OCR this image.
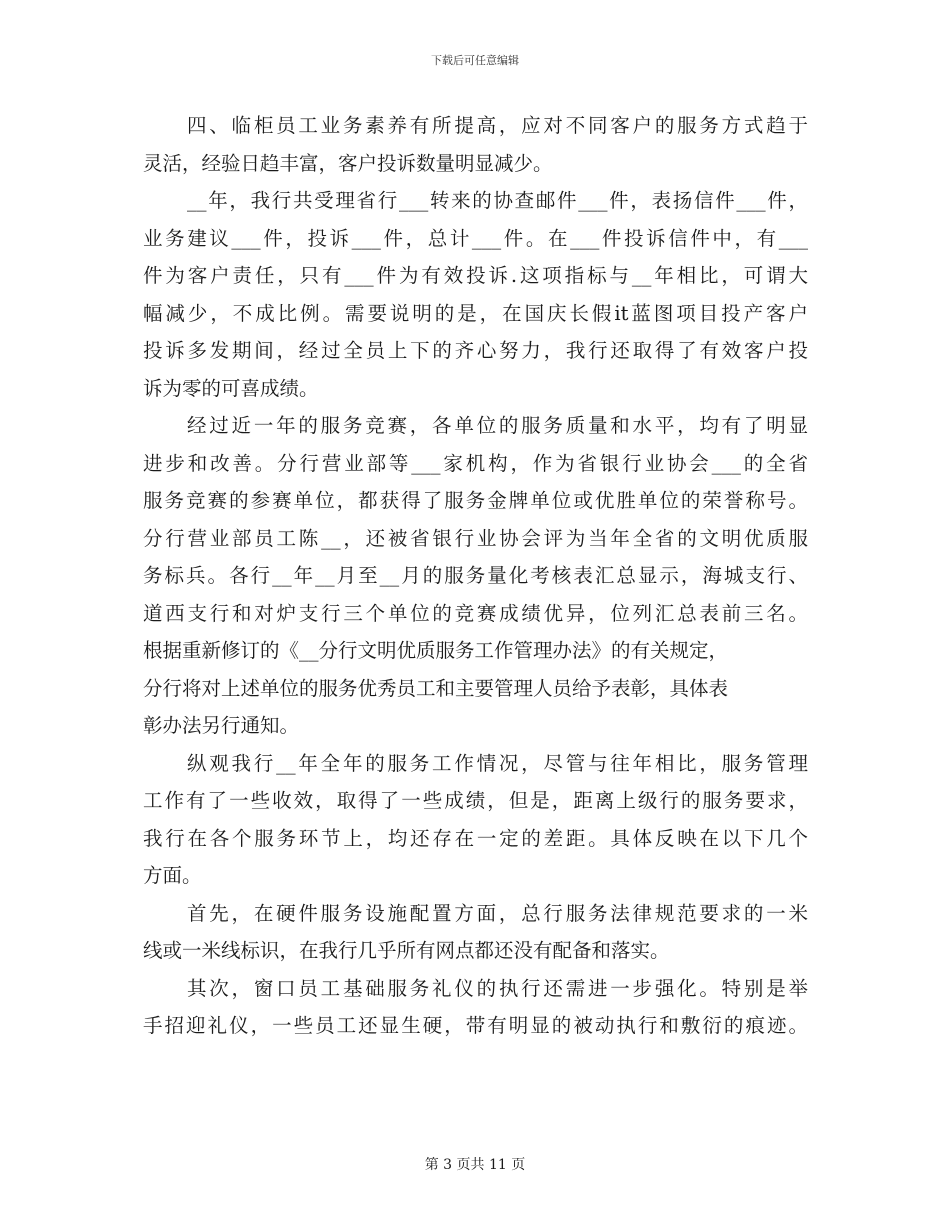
下载后可任意编辑
四、临柜员工业务素养有所提高，应对不同客户的服务方式趋于
灵活，经验日趋丰富，客户投诉数量明显减少。
__年，我行共受理省行___转来的协查邮件___件，表扬信件___件，
业务建议___件，投诉___件，总计___件。在___件投诉信件中，有___
件为客户责任，只有___件为有效投诉.这项指标与__年相比，可谓大
幅减少，不成比例。需要说明的是，在国庆长假it蓝图项目投产客户
投诉多发期间，经过全员上下的齐心努力，我行还取得了有效客户投
诉为零的可喜成绩。
经过近一年的服务竞赛，各单位的服务质量和水平，均有了明显
进步和改善。分行营业部等___家机构，作为省银行业协会___的全省
服务竞赛的参赛单位，都获得了服务金牌单位或优胜单位的荣誉称号。
分行营业部员工陈__，还被省银行业协会评为当年全省的文明优质服
务标兵。各行__年__月至__月的服务量化考核表汇总显示，海城支行、
道西支行和对炉支行三个单位的竞赛成绩优异，位列汇总表前三名。
根据重新修订的《__分行文明优质服务工作管理办法》的有关规定，
分行将对上述单位的服务优秀员工和主要管理人员给予表彰，具体表
彰办法另行通知。
纵观我行__年全年的服务工作情况，尽管与往年相比，服务管理
工作有了一些收效，取得了一些成绩，但是，距离上级行的服务要求，
我行在各个服务环节上，均还存在一定的差距。具体反映在以下几个
方面。
首先，在硬件服务设施配置方面，总行服务法律规范要求的一米
线或一米线标识，在我行几乎所有网点都还没有配备和落实。
其次，窗口员工基础服务礼仪的执行还需进一步强化。特别是举
手招迎礼仪，一些员工还显生硬，带有明显的被动执行和敷衍的痕迹。
第 3 页共 11 页
